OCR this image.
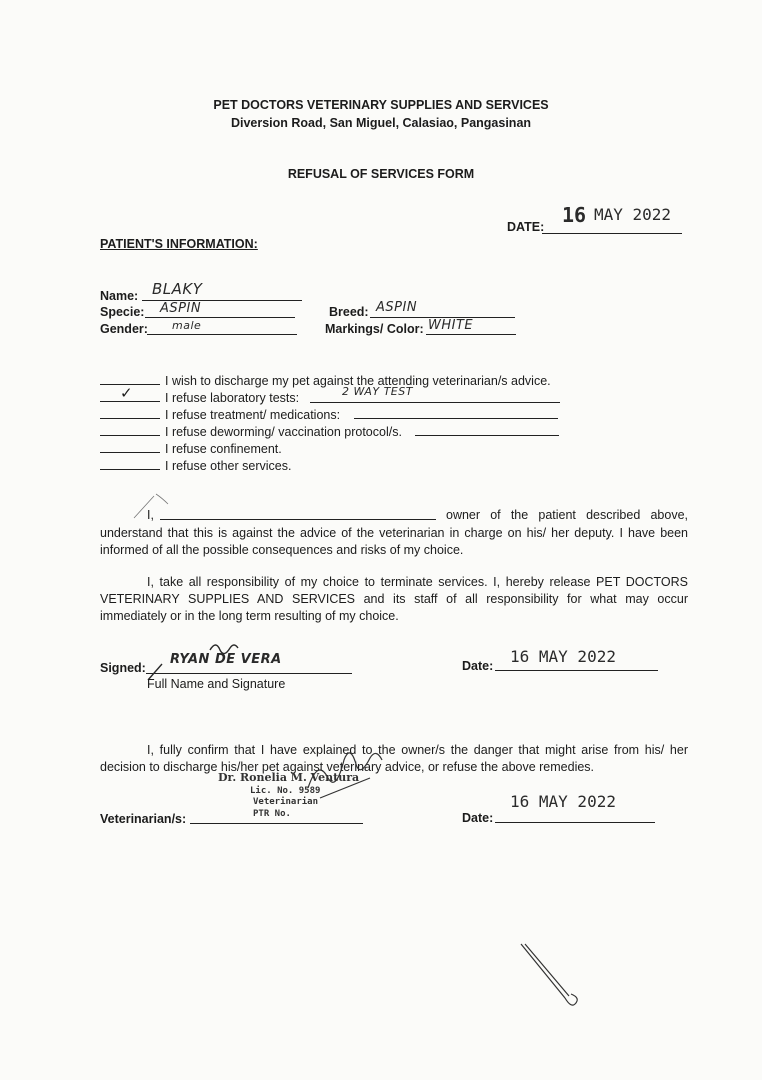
PET DOCTORS VETERINARY SUPPLIES AND SERVICES
Diversion Road, San Miguel, Calasiao, Pangasinan
REFUSAL OF SERVICES FORM
DATE: 16 MAY 2022
PATIENT'S INFORMATION:
Name: BLAKY
Specie: ASPIN
Gender: male
Breed: ASPIN
Markings/ Color: WHITE
I wish to discharge my pet against the attending veterinarian/s advice.
✓	I refuse laboratory tests:	2 WAY TEST
I refuse treatment/ medications:
I refuse deworming/ vaccination protocol/s.
I refuse confinement.
I refuse other services.
I,	owner of the patient described above,
understand that this is against the advice of the veterinarian in charge on his/ her deputy. I have been informed of all the possible consequences and risks of my choice.
I, take all responsibility of my choice to terminate services. I, hereby release PET DOCTORS VETERINARY SUPPLIES AND SERVICES and its staff of all responsibility for what may occur immediately or in the long term resulting of my choice.
Signed:
RYAN DE VERA
Full Name and Signature
Date: 16 MAY 2022
I, fully confirm that I have explained to the owner/s the danger that might arise from his/ her decision to discharge his/her pet against veterinary advice, or refuse the above remedies.
Dr. Ronelia M. Ventura
Lic. No. 9589
Veterinarian
PTR No.
Veterinarian/s:	Date:
16 MAY 2022
